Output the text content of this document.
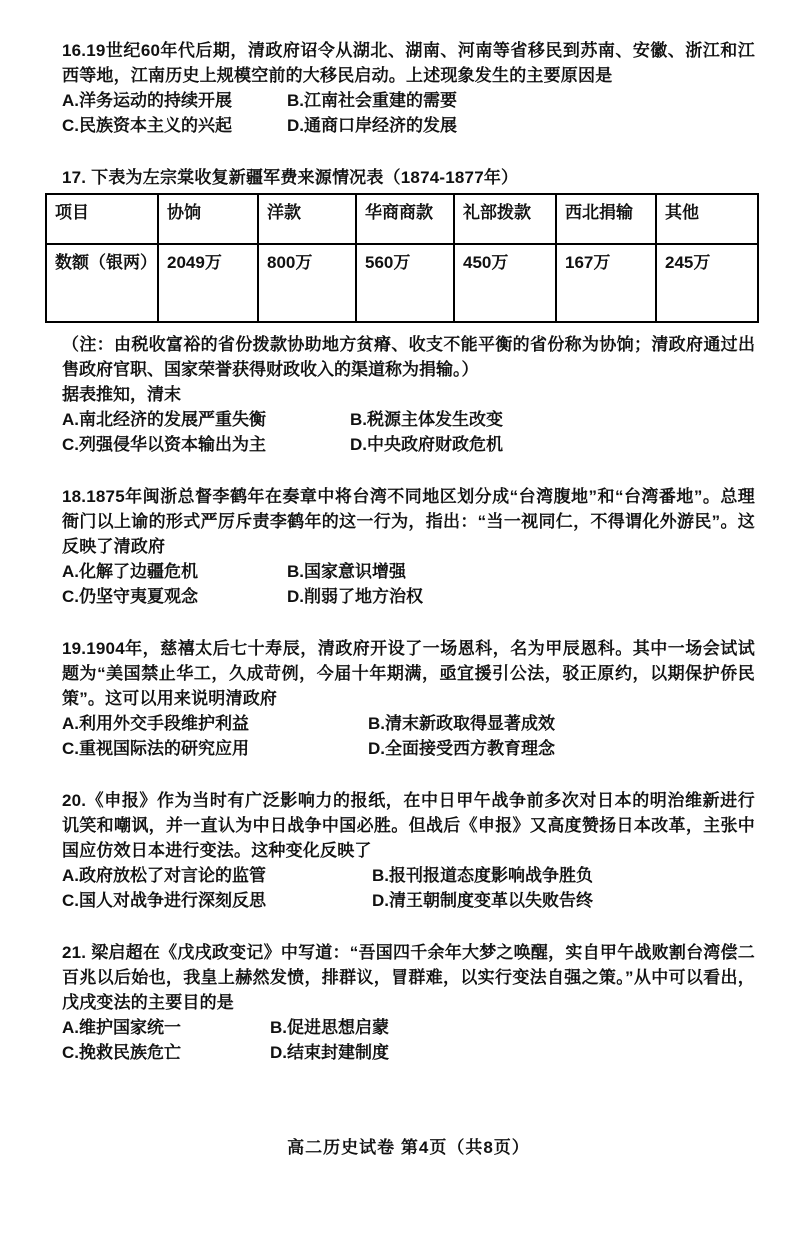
16.19世纪60年代后期，清政府诏令从湖北、湖南、河南等省移民到苏南、安徽、浙江和江西等地，江南历史上规模空前的大移民启动。上述现象发生的主要原因是
A.洋务运动的持续开展	B.江南社会重建的需要
C.民族资本主义的兴起	D.通商口岸经济的发展
17. 下表为左宗棠收复新疆军费来源情况表（1874-1877年）
项目	协饷	洋款	华商商款	礼部拨款	西北捐输	其他
数额（银两）	2049万	800万	560万	450万	167万	245万
（注：由税收富裕的省份拨款协助地方贫瘠、收支不能平衡的省份称为协饷；清政府通过出售政府官职、国家荣誉获得财政收入的渠道称为捐输。）
据表推知，清末
A.南北经济的发展严重失衡	B.税源主体发生改变
C.列强侵华以资本输出为主	D.中央政府财政危机
18.1875年闽浙总督李鹤年在奏章中将台湾不同地区划分成“台湾腹地”和“台湾番地”。总理衙门以上谕的形式严厉斥责李鹤年的这一行为，指出：“当一视同仁，不得谓化外游民”。这反映了清政府
A.化解了边疆危机	B.国家意识增强
C.仍坚守夷夏观念	D.削弱了地方治权
19.1904年，慈禧太后七十寿辰，清政府开设了一场恩科，名为甲辰恩科。其中一场会试试题为“美国禁止华工，久成苛例，今届十年期满，亟宜援引公法，驳正原约，以期保护侨民策”。这可以用来说明清政府
A.利用外交手段维护利益	B.清末新政取得显著成效
C.重视国际法的研究应用	D.全面接受西方教育理念
20.《申报》作为当时有广泛影响力的报纸，在中日甲午战争前多次对日本的明治维新进行讥笑和嘲讽，并一直认为中日战争中国必胜。但战后《申报》又高度赞扬日本改革，主张中国应仿效日本进行变法。这种变化反映了
A.政府放松了对言论的监管	B.报刊报道态度影响战争胜负
C.国人对战争进行深刻反思	D.清王朝制度变革以失败告终
21. 梁启超在《戊戌政变记》中写道：“吾国四千余年大梦之唤醒，实自甲午战败割台湾偿二百兆以后始也，我皇上赫然发愤，排群议，冒群难，以实行变法自强之策。”从中可以看出，戊戌变法的主要目的是
A.维护国家统一	B.促进思想启蒙
C.挽救民族危亡	D.结束封建制度
高二历史试卷 第4页（共8页）
